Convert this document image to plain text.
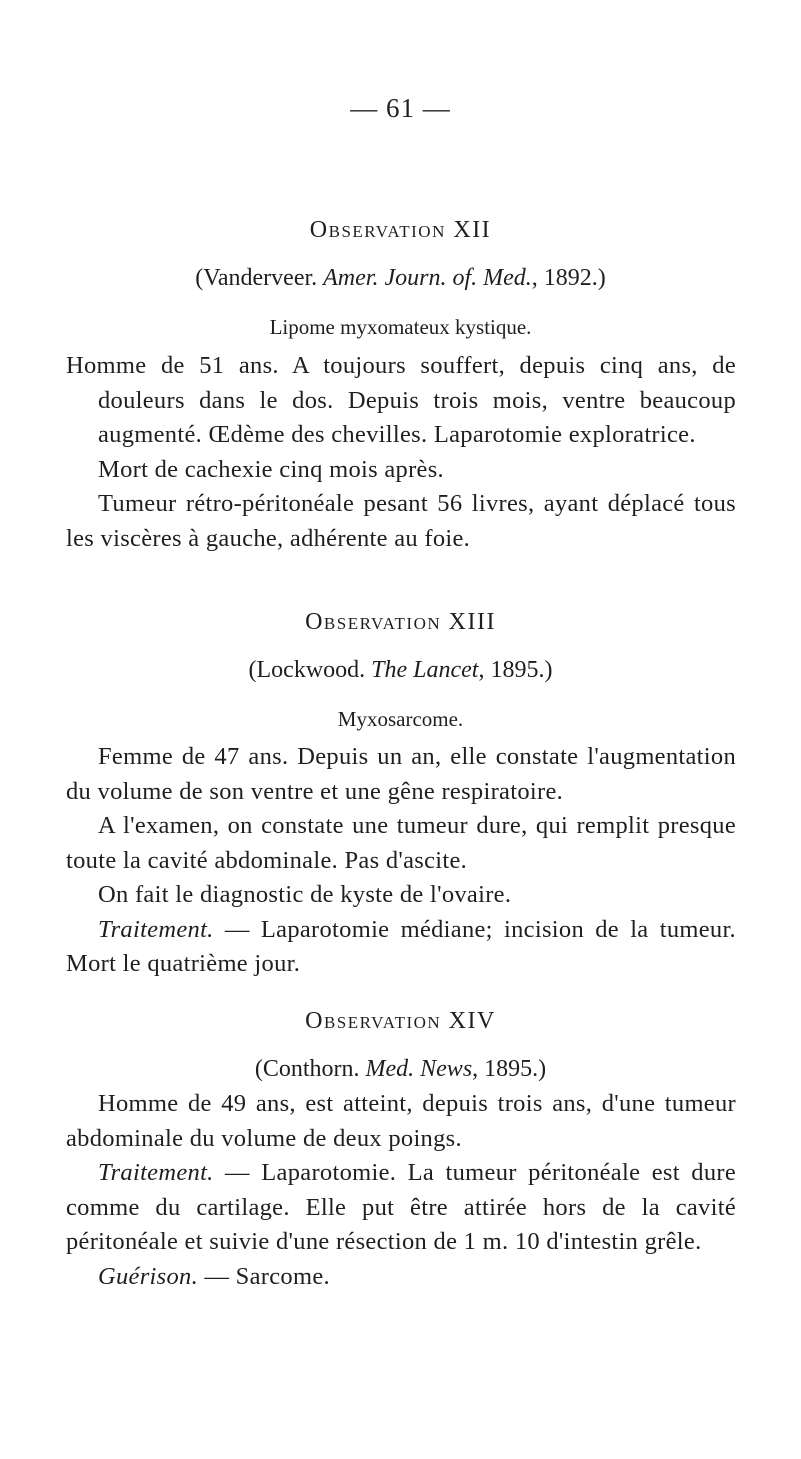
— 61 —
Observation XII
(Vanderveer. Amer. Journ. of. Med., 1892.)
Lipome myxomateux kystique.

Homme de 51 ans. A toujours souffert, depuis cinq ans, de douleurs dans le dos. Depuis trois mois, ventre beaucoup augmenté. Œdème des chevilles. Laparotomie exploratrice.

Mort de cachexie cinq mois après.

Tumeur rétro-péritonéale pesant 56 livres, ayant déplacé tous les viscères à gauche, adhérente au foie.

Observation XIII
(Lockwood. The Lancet, 1895.)
Myxosarcome.

Femme de 47 ans. Depuis un an, elle constate l'augmentation du volume de son ventre et une gêne respiratoire.

A l'examen, on constate une tumeur dure, qui remplit presque toute la cavité abdominale. Pas d'ascite.

On fait le diagnostic de kyste de l'ovaire.

Traitement. — Laparotomie médiane; incision de la tumeur. Mort le quatrième jour.

Observation XIV
(Conthorn. Med. News, 1895.)

Homme de 49 ans, est atteint, depuis trois ans, d'une tumeur abdominale du volume de deux poings.

Traitement. — Laparotomie. La tumeur péritonéale est dure comme du cartilage. Elle put être attirée hors de la cavité péritonéale et suivie d'une résection de 1 m. 10 d'intestin grêle.

Guérison. — Sarcome.
